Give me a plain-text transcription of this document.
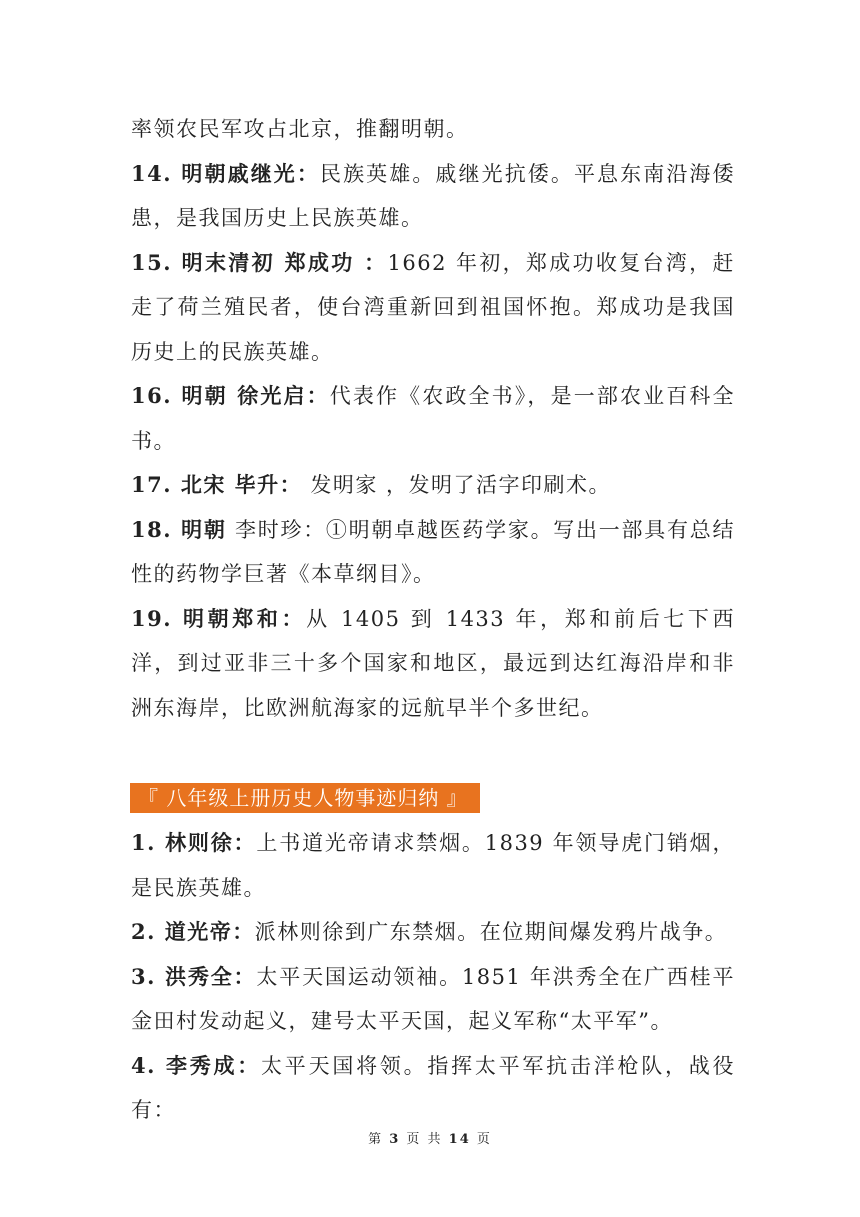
率领农民军攻占北京，推翻明朝。

14. 明朝戚继光：民族英雄。戚继光抗倭。平息东南沿海倭患，是我国历史上民族英雄。

15. 明末清初 郑成功 ：1662 年初，郑成功收复台湾，赶走了荷兰殖民者，使台湾重新回到祖国怀抱。郑成功是我国历史上的民族英雄。

16. 明朝 徐光启：代表作《农政全书》，是一部农业百科全书。

17. 北宋 毕升： 发明家 ，发明了活字印刷术。

18. 明朝 李时珍：①明朝卓越医药学家。写出一部具有总结性的药物学巨著《本草纲目》。

19. 明朝郑和：从 1405 到 1433 年，郑和前后七下西洋，到过亚非三十多个国家和地区，最远到达红海沿岸和非洲东海岸，比欧洲航海家的远航早半个多世纪。

『 八年级上册历史人物事迹归纳 』

1. 林则徐：上书道光帝请求禁烟。1839 年领导虎门销烟，是民族英雄。

2. 道光帝：派林则徐到广东禁烟。在位期间爆发鸦片战争。

3. 洪秀全：太平天国运动领袖。1851 年洪秀全在广西桂平金田村发动起义，建号太平天国，起义军称“太平军”。

4. 李秀成：太平天国将领。指挥太平军抗击洋枪队，战役有：

第 3 页 共 14 页
